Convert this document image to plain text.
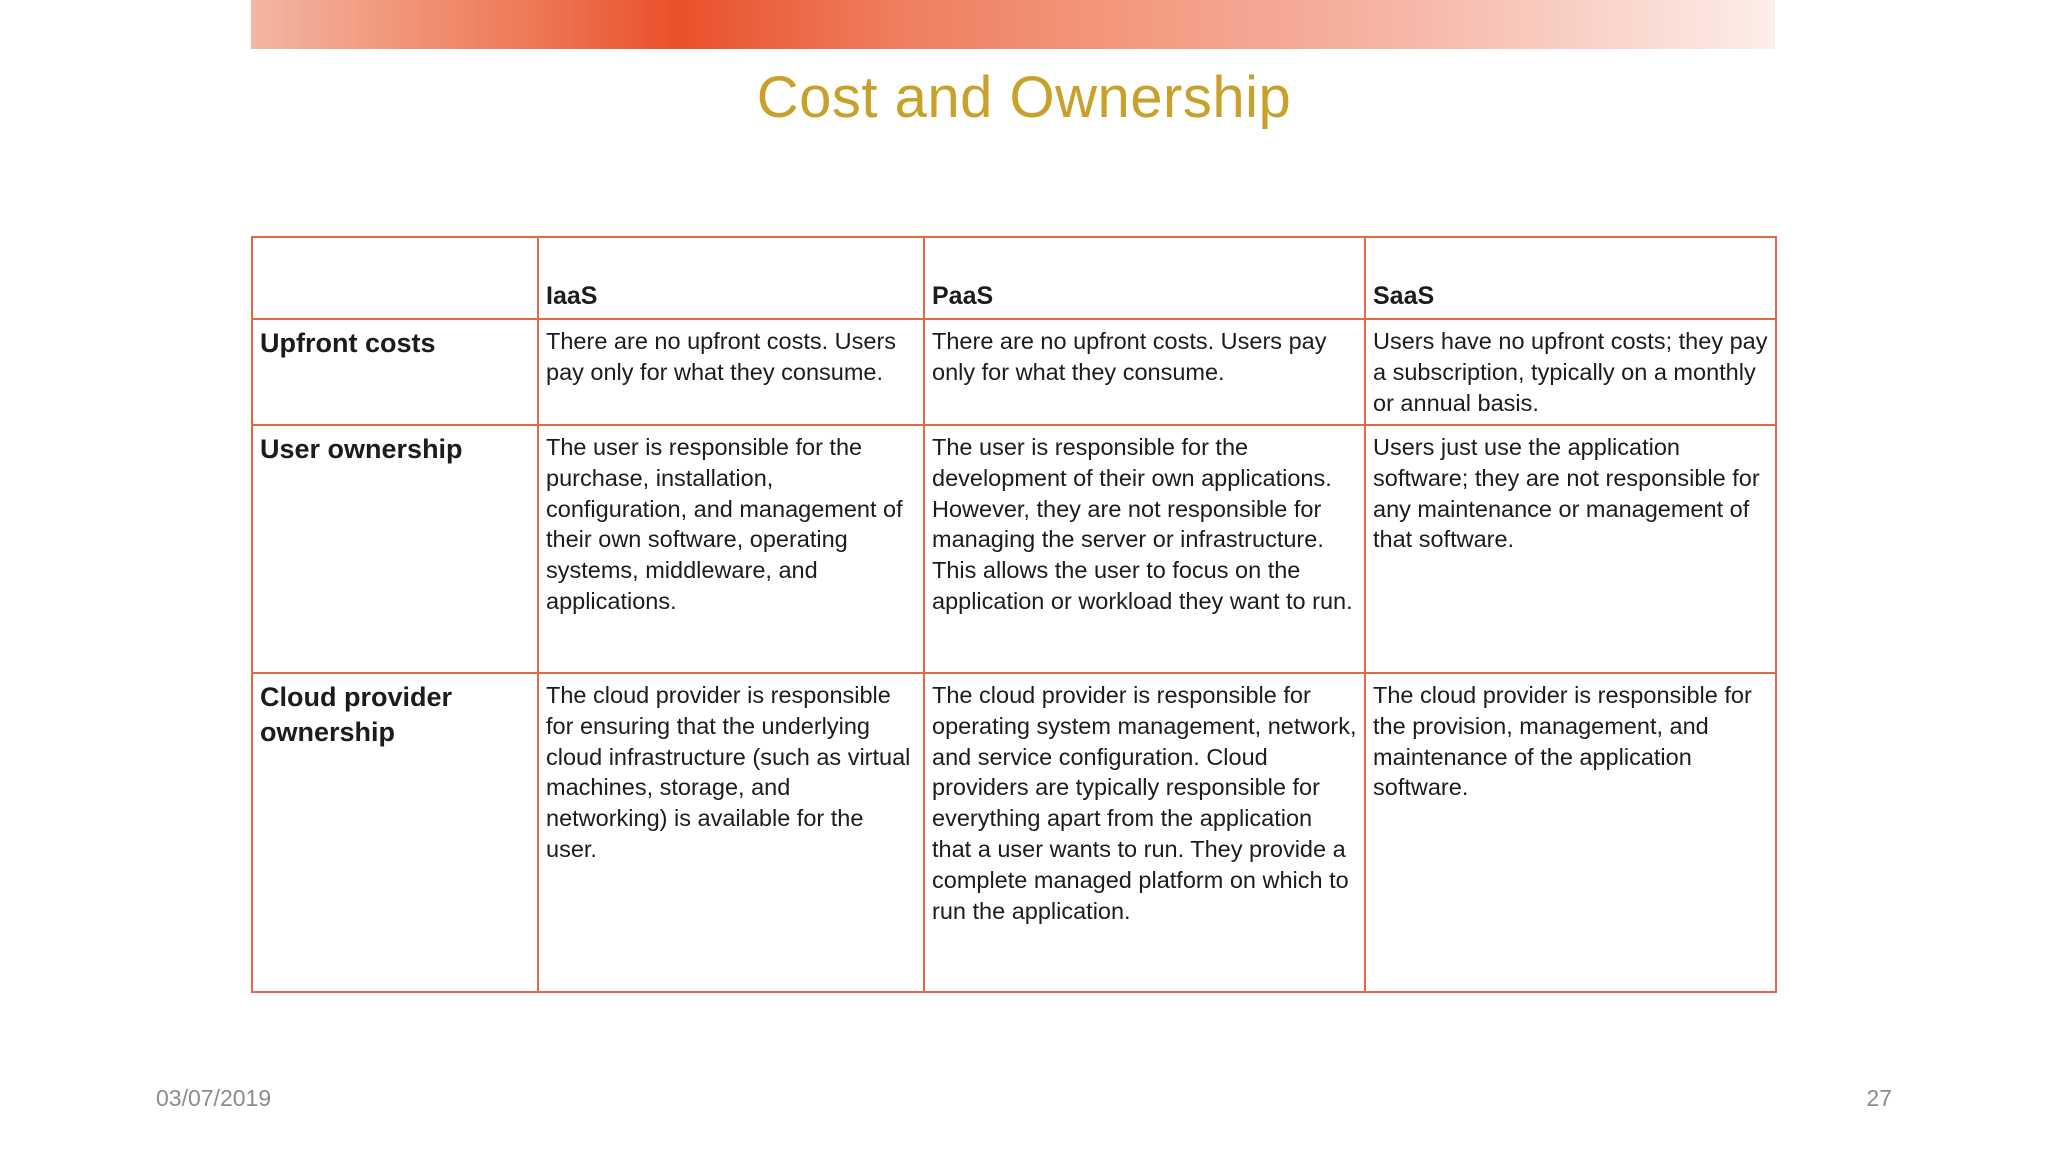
Cost and Ownership
	IaaS	PaaS	SaaS
Upfront costs	There are no upfront costs. Users pay only for what they consume.	There are no upfront costs. Users pay only for what they consume.	Users have no upfront costs; they pay a subscription, typically on a monthly or annual basis.
User ownership	The user is responsible for the purchase, installation, configuration, and management of their own software, operating systems, middleware, and applications.	The user is responsible for the development of their own applications. However, they are not responsible for managing the server or infrastructure. This allows the user to focus on the application or workload they want to run.	Users just use the application software; they are not responsible for any maintenance or management of that software.
Cloud provider ownership	The cloud provider is responsible for ensuring that the underlying cloud infrastructure (such as virtual machines, storage, and networking) is available for the user.	The cloud provider is responsible for operating system management, network, and service configuration. Cloud providers are typically responsible for everything apart from the application that a user wants to run. They provide a complete managed platform on which to run the application.	The cloud provider is responsible for the provision, management, and maintenance of the application software.
03/07/2019	27
